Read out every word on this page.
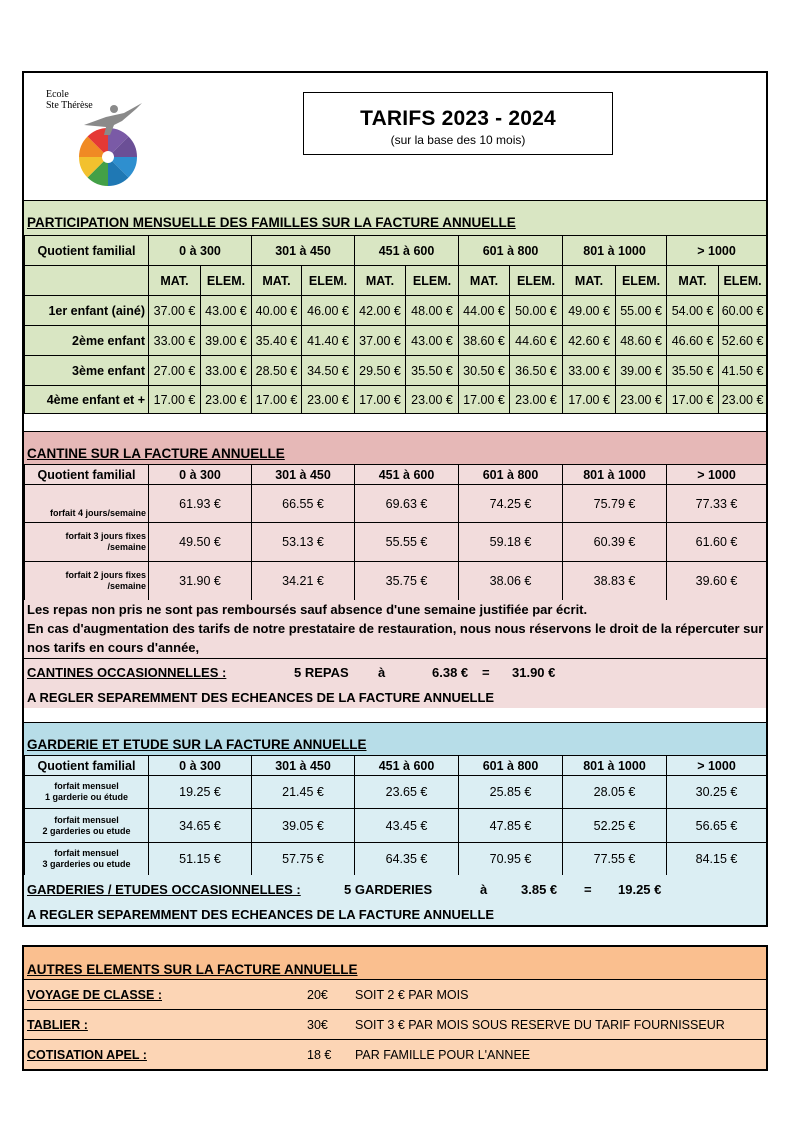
Ecole
Ste Thérèse
TARIFS 2023 - 2024
(sur la base des 10 mois)
PARTICIPATION MENSUELLE DES FAMILLES SUR LA FACTURE ANNUELLE
Quotient familial	0 à 300		301 à 450		451 à 600		601 à 800		801 à 1000		> 1000	
	MAT.	ELEM.	MAT.	ELEM.	MAT.	ELEM.	MAT.	ELEM.	MAT.	ELEM.	MAT.	ELEM.
1er enfant (ainé)	37.00 €	43.00 €	40.00 €	46.00 €	42.00 €	48.00 €	44.00 €	50.00 €	49.00 €	55.00 €	54.00 €	60.00 €
2ème enfant	33.00 €	39.00 €	35.40 €	41.40 €	37.00 €	43.00 €	38.60 €	44.60 €	42.60 €	48.60 €	46.60 €	52.60 €
3ème enfant	27.00 €	33.00 €	28.50 €	34.50 €	29.50 €	35.50 €	30.50 €	36.50 €	33.00 €	39.00 €	35.50 €	41.50 €
4ème enfant et +	17.00 €	23.00 €	17.00 €	23.00 €	17.00 €	23.00 €	17.00 €	23.00 €	17.00 €	23.00 €	17.00 €	23.00 €
CANTINE SUR LA FACTURE ANNUELLE
Quotient familial	0 à 300	301 à 450	451 à 600	601 à 800	801 à 1000	> 1000
forfait 4 jours/semaine	61.93 €	66.55 €	69.63 €	74.25 €	75.79 €	77.33 €
forfait 3 jours fixes /semaine	49.50 €	53.13 €	55.55 €	59.18 €	60.39 €	61.60 €
forfait 2 jours fixes /semaine	31.90 €	34.21 €	35.75 €	38.06 €	38.83 €	39.60 €
Les repas non pris ne sont pas remboursés sauf absence d'une semaine justifiée par écrit.
En cas d'augmentation des tarifs de notre prestataire de restauration, nous nous réservons le droit de la répercuter sur nos tarifs en cours d'année,
CANTINES OCCASIONNELLES :	5 REPAS à	6.38 € = 31.90 €
A REGLER SEPAREMMENT DES ECHEANCES DE LA FACTURE ANNUELLE
GARDERIE ET ETUDE SUR LA FACTURE ANNUELLE
Quotient familial	0 à 300	301 à 450	451 à 600	601 à 800	801 à 1000	> 1000

forfait mensuel
1 garderie ou étude	19.25 €	21.45 €	23.65 €	25.85 €	28.05 €	30.25 €

forfait mensuel
2 garderies ou etude	34.65 €	39.05 €	43.45 €	47.85 €	52.25 €	56.65 €

forfait mensuel
3 garderies ou etude	51.15 €	57.75 €	64.35 €	70.95 €	77.55 €	84.15 €
GARDERIES / ETUDES OCCASIONNELLES :	5 GARDERIES	à	3.85 € = 19.25 €
A REGLER SEPAREMMENT DES ECHEANCES DE LA FACTURE ANNUELLE
AUTRES ELEMENTS SUR LA FACTURE ANNUELLE
VOYAGE DE CLASSE :	20€ SOIT 2 € PAR MOIS
TABLIER :	30€ SOIT 3 € PAR MOIS SOUS RESERVE DU TARIF FOURNISSEUR
COTISATION APEL :	18 € PAR FAMILLE POUR L'ANNEE
